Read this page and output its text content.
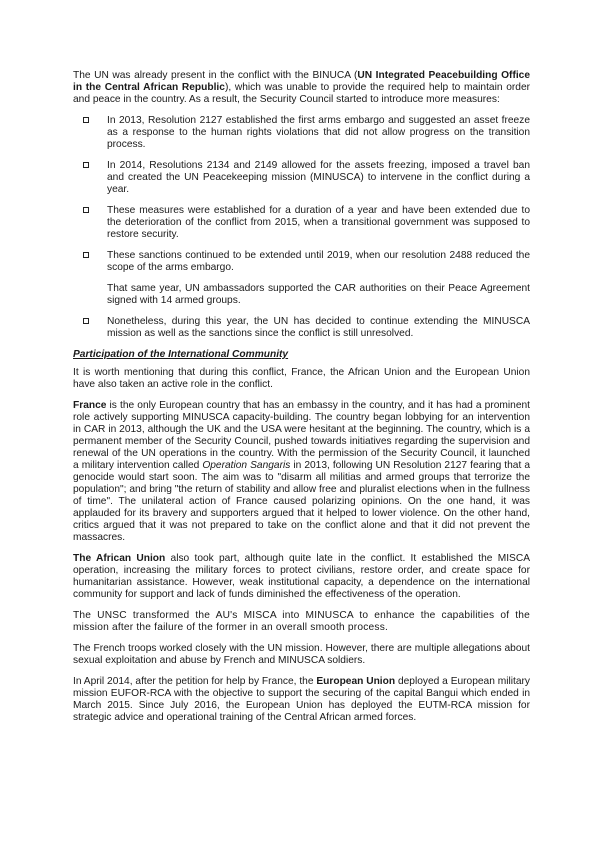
The UN was already present in the conflict with the BINUCA (UN Integrated Peacebuilding Office in the Central African Republic), which was unable to provide the required help to maintain order and peace in the country. As a result, the Security Council started to introduce more measures:

In 2013, Resolution 2127 established the first arms embargo and suggested an asset freeze as a response to the human rights violations that did not allow progress on the transition process.

In 2014, Resolutions 2134 and 2149 allowed for the assets freezing, imposed a travel ban and created the UN Peacekeeping mission (MINUSCA) to intervene in the conflict during a year.

These measures were established for a duration of a year and have been extended due to the deterioration of the conflict from 2015, when a transitional government was supposed to restore security.

These sanctions continued to be extended until 2019, when our resolution 2488 reduced the scope of the arms embargo.

That same year, UN ambassadors supported the CAR authorities on their Peace Agreement signed with 14 armed groups.

Nonetheless, during this year, the UN has decided to continue extending the MINUSCA mission as well as the sanctions since the conflict is still unresolved.

Participation of the International Community

It is worth mentioning that during this conflict, France, the African Union and the European Union have also taken an active role in the conflict.

France is the only European country that has an embassy in the country, and it has had a prominent role actively supporting MINUSCA capacity-building. The country began lobbying for an intervention in CAR in 2013, although the UK and the USA were hesitant at the beginning. The country, which is a permanent member of the Security Council, pushed towards initiatives regarding the supervision and renewal of the UN operations in the country. With the permission of the Security Council, it launched a military intervention called Operation Sangaris in 2013, following UN Resolution 2127 fearing that a genocide would start soon. The aim was to "disarm all militias and armed groups that terrorize the population"; and bring "the return of stability and allow free and pluralist elections when in the fullness of time". The unilateral action of France caused polarizing opinions. On the one hand, it was applauded for its bravery and supporters argued that it helped to lower violence. On the other hand, critics argued that it was not prepared to take on the conflict alone and that it did not prevent the massacres.

The African Union also took part, although quite late in the conflict. It established the MISCA operation, increasing the military forces to protect civilians, restore order, and create space for humanitarian assistance. However, weak institutional capacity, a dependence on the international community for support and lack of funds diminished the effectiveness of the operation.

The UNSC transformed the AU's MISCA into MINUSCA to enhance the capabilities of the mission after the failure of the former in an overall smooth process.

The French troops worked closely with the UN mission. However, there are multiple allegations about sexual exploitation and abuse by French and MINUSCA soldiers.

In April 2014, after the petition for help by France, the European Union deployed a European military mission EUFOR-RCA with the objective to support the securing of the capital Bangui which ended in March 2015. Since July 2016, the European Union has deployed the EUTM-RCA mission for strategic advice and operational training of the Central African armed forces.
